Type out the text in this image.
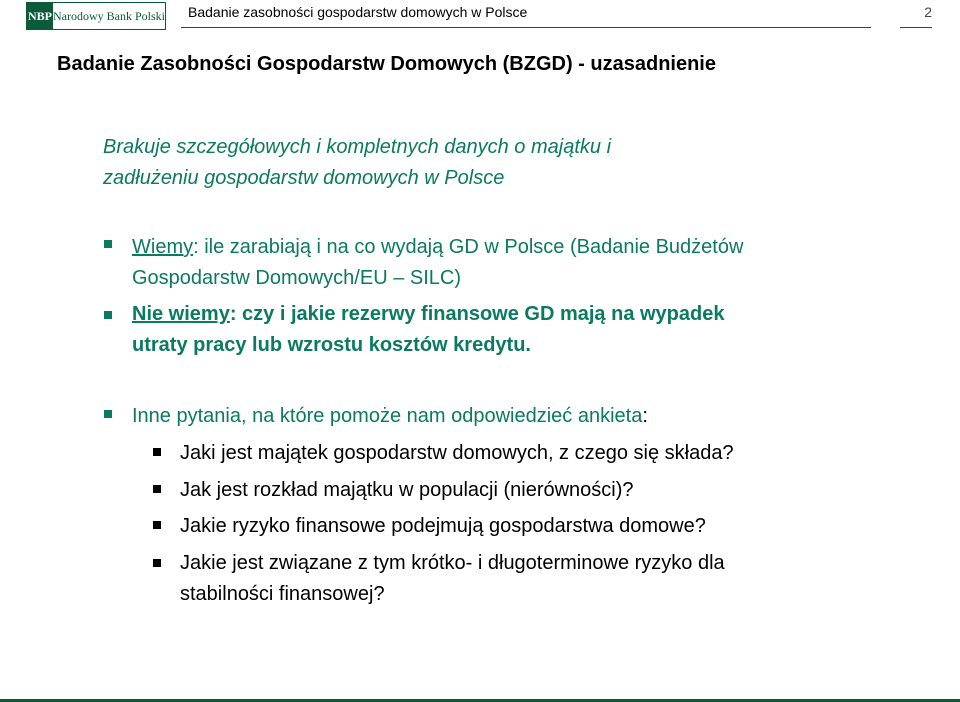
NBP Narodowy Bank Polski Badanie zasobności gospodarstw domowych w Polsce	2
Badanie Zasobności Gospodarstw Domowych (BZGD) - uzasadnienie
Brakuje szczegółowych i kompletnych danych o majątku i
zadłużeniu gospodarstw domowych w Polsce
Wiemy: ile zarabiają i na co wydają GD w Polsce (Badanie Budżetów
Gospodarstw Domowych/EU – SILC)
Nie wiemy: czy i jakie rezerwy finansowe GD mają na wypadek
utraty pracy lub wzrostu kosztów kredytu.
Inne pytania, na które pomoże nam odpowiedzieć ankieta:
Jaki jest majątek gospodarstw domowych, z czego się składa?
Jak jest rozkład majątku w populacji (nierówności)?
Jakie ryzyko finansowe podejmują gospodarstwa domowe?
Jakie jest związane z tym krótko- i długoterminowe ryzyko dla
stabilności finansowej?
